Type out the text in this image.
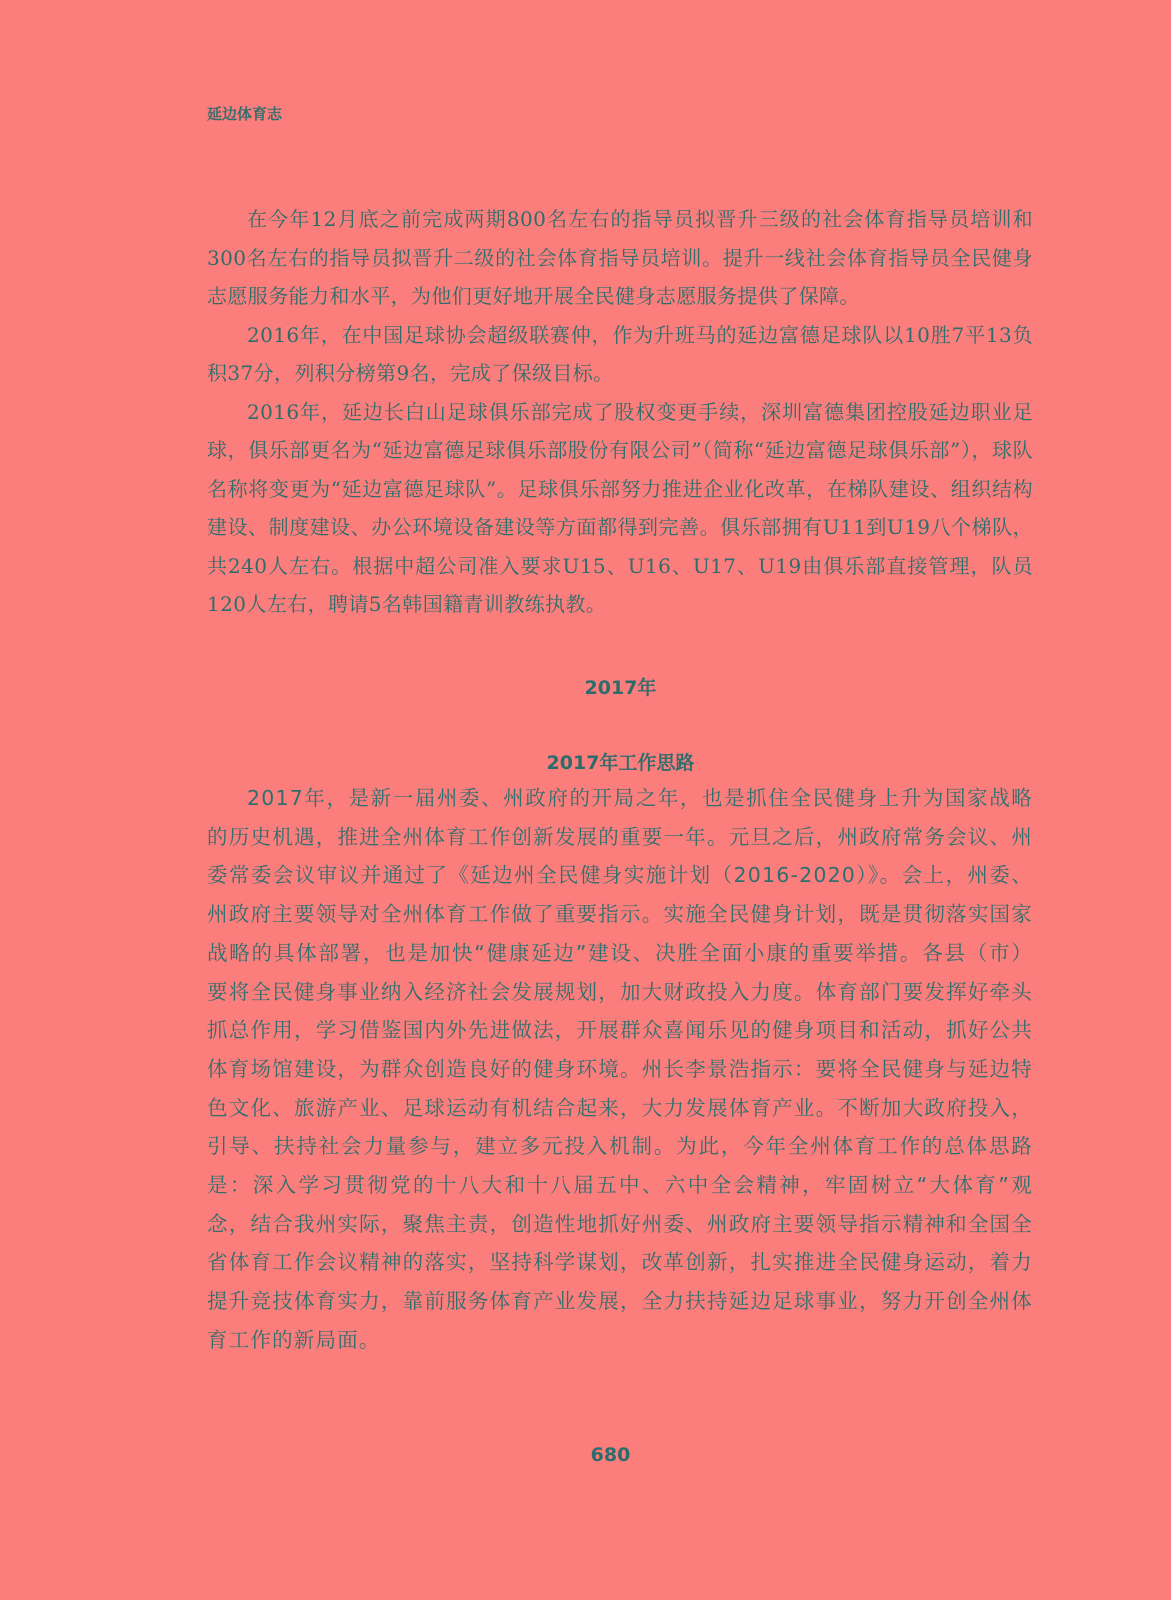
延边体育志

在今年12月底之前完成两期800名左右的指导员拟晋升三级的社会体育指导员培训和300名左右的指导员拟晋升二级的社会体育指导员培训。提升一线社会体育指导员全民健身志愿服务能力和水平，为他们更好地开展全民健身志愿服务提供了保障。

2016年，在中国足球协会超级联赛仲，作为升班马的延边富德足球队以10胜7平13负积37分，列积分榜第9名，完成了保级目标。

2016年，延边长白山足球俱乐部完成了股权变更手续，深圳富德集团控股延边职业足球，俱乐部更名为“延边富德足球俱乐部股份有限公司”（简称“延边富德足球俱乐部”），球队名称将变更为“延边富德足球队”。足球俱乐部努力推进企业化改革，在梯队建设、组织结构建设、制度建设、办公环境设备建设等方面都得到完善。俱乐部拥有U11到U19八个梯队，共240人左右。根据中超公司准入要求U15、U16、U17、U19由俱乐部直接管理，队员120人左右，聘请5名韩国籍青训教练执教。

2017年
2017年工作思路

2017年，是新一届州委、州政府的开局之年，也是抓住全民健身上升为国家战略的历史机遇，推进全州体育工作创新发展的重要一年。元旦之后，州政府常务会议、州委常委会议审议并通过了《延边州全民健身实施计划（2016-2020）》。会上，州委、州政府主要领导对全州体育工作做了重要指示。实施全民健身计划，既是贯彻落实国家战略的具体部署，也是加快“健康延边”建设、决胜全面小康的重要举措。各县（市）要将全民健身事业纳入经济社会发展规划，加大财政投入力度。体育部门要发挥好牵头抓总作用，学习借鉴国内外先进做法，开展群众喜闻乐见的健身项目和活动，抓好公共体育场馆建设，为群众创造良好的健身环境。州长李景浩指示：要将全民健身与延边特色文化、旅游产业、足球运动有机结合起来，大力发展体育产业。不断加大政府投入，引导、扶持社会力量参与，建立多元投入机制。为此，今年全州体育工作的总体思路是：深入学习贯彻党的十八大和十八届五中、六中全会精神，牢固树立“大体育”观念，结合我州实际，聚焦主责，创造性地抓好州委、州政府主要领导指示精神和全国全省体育工作会议精神的落实，坚持科学谋划，改革创新，扎实推进全民健身运动，着力提升竞技体育实力，靠前服务体育产业发展，全力扶持延边足球事业，努力开创全州体育工作的新局面。

680
